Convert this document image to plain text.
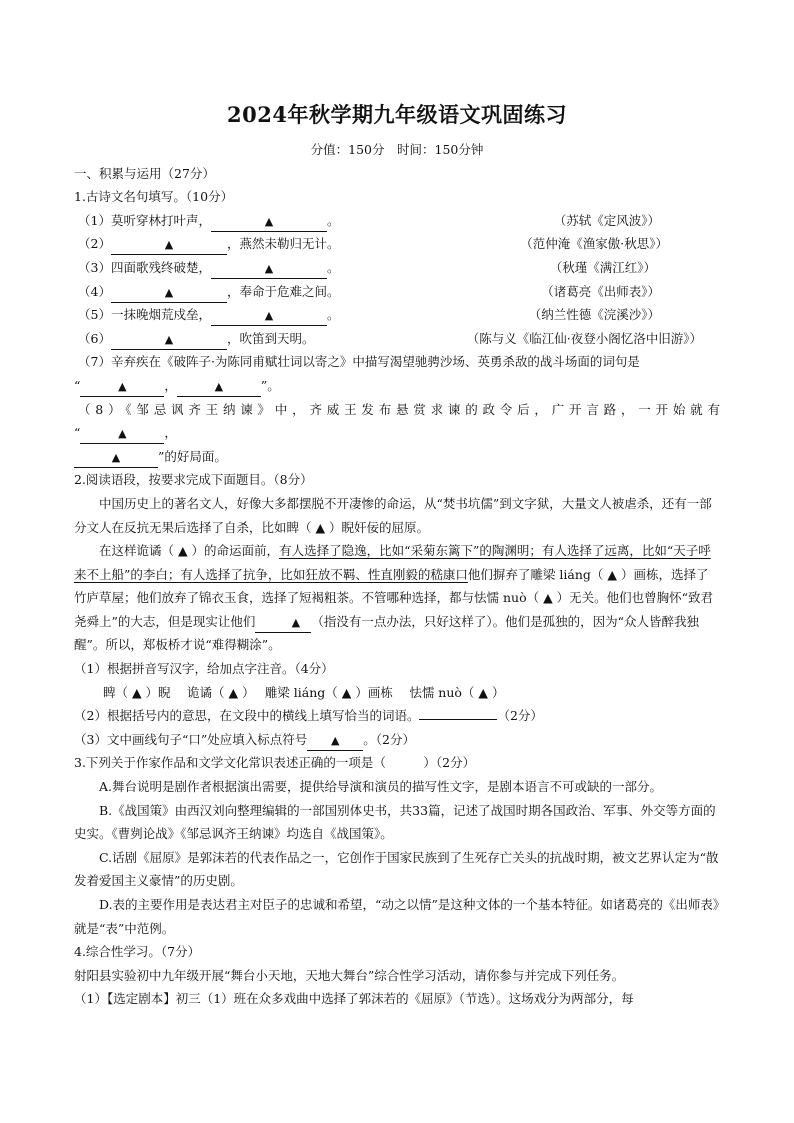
2024年秋学期九年级语文巩固练习
分值：150分　时间：150分钟
一、积累与运用（27分）
1.古诗文名句填写。（10分）
（1）莫听穿林打叶声，	▲	。	（苏轼《定风波》）
（2）	▲	，燕然未勒归无计。	（范仲淹《渔家傲·秋思》）
（3）四面歌残终破楚，	▲	。	（秋瑾《满江红》）
（4）	▲	，奉命于危难之间。	（诸葛亮《出师表》）
（5）一抹晚烟荒戍垒，	▲	。	（纳兰性德《浣溪沙》）
（6）	▲	，吹笛到天明。	（陈与义《临江仙·夜登小阁忆洛中旧游》）
（7）辛弃疾在《破阵子·为陈同甫赋壮词以寄之》中描写渴望驰骋沙场、英勇杀敌的战斗场面的词句是
“	▲	，	▲	”。
（8）《邹忌讽齐王纳谏》中，齐威王发布悬赏求谏的政令后，广开言路，一开始就有
“	▲	，
▲	”的好局面。
2.阅读语段，按要求完成下面题目。（8分）
中国历史上的著名文人，好像大多都摆脱不开凄惨的命运，从“焚书坑儒”到文字狱，大量文人被虐杀，还有一部分文人在反抗无果后选择了自杀，比如睥（ ▲ ）睨奸佞的屈原。
在这样诡谲（ ▲ ）的命运面前，有人选择了隐逸，比如“采菊东篱下”的陶渊明；有人选择了远离，比如“天子呼来不上船”的李白；有人选择了抗争，比如狂放不羁、性直刚毅的嵇康口他们摒弃了雕梁 liáng（ ▲ ）画栋，选择了竹庐草屋；他们放弃了锦衣玉食，选择了短褐粗茶。不管哪种选择，都与怯懦 nuò（ ▲ ）无关。他们也曾胸怀“致君尧舜上”的大志，但是现实让他们	▲ （指没有一点办法，只好这样了）。他们是孤独的，因为“众人皆醉我独醒”。所以，郑板桥才说“难得糊涂”。
（1）根据拼音写汉字，给加点字注音。（4分）
睥（ ▲ ）睨　 诡谲（ ▲ ）　 雕梁 liáng（ ▲ ）画栋　 怯懦 nuò（ ▲ ）
（2）根据括号内的意思，在文段中的横线上填写恰当的词语。	（2分）
（3）文中画线句子“口”处应填入标点符号 ▲ 。（2分）
3.下列关于作家作品和文学文化常识表述正确的一项是（　　　）（2分）
A.舞台说明是剧作者根据演出需要，提供给导演和演员的描写性文字，是剧本语言不可或缺的一部分。
B.《战国策》由西汉刘向整理编辑的一部国别体史书，共33篇，记述了战国时期各国政治、军事、外交等方面的史实。《曹刿论战》《邹忌讽齐王纳谏》均选自《战国策》。
C.话剧《屈原》是郭沫若的代表作品之一，它创作于国家民族到了生死存亡关头的抗战时期，被文艺界认定为“散发着爱国主义豪情”的历史剧。
D.表的主要作用是表达君主对臣子的忠诚和希望，“动之以情”是这种文体的一个基本特征。如诸葛亮的《出师表》就是“表”中范例。
4.综合性学习。（7分）
射阳县实验初中九年级开展“舞台小天地，天地大舞台”综合性学习活动，请你参与并完成下列任务。
（1）【选定剧本】初三（1）班在众多戏曲中选择了郭沫若的《屈原》（节选）。这场戏分为两部分，每
